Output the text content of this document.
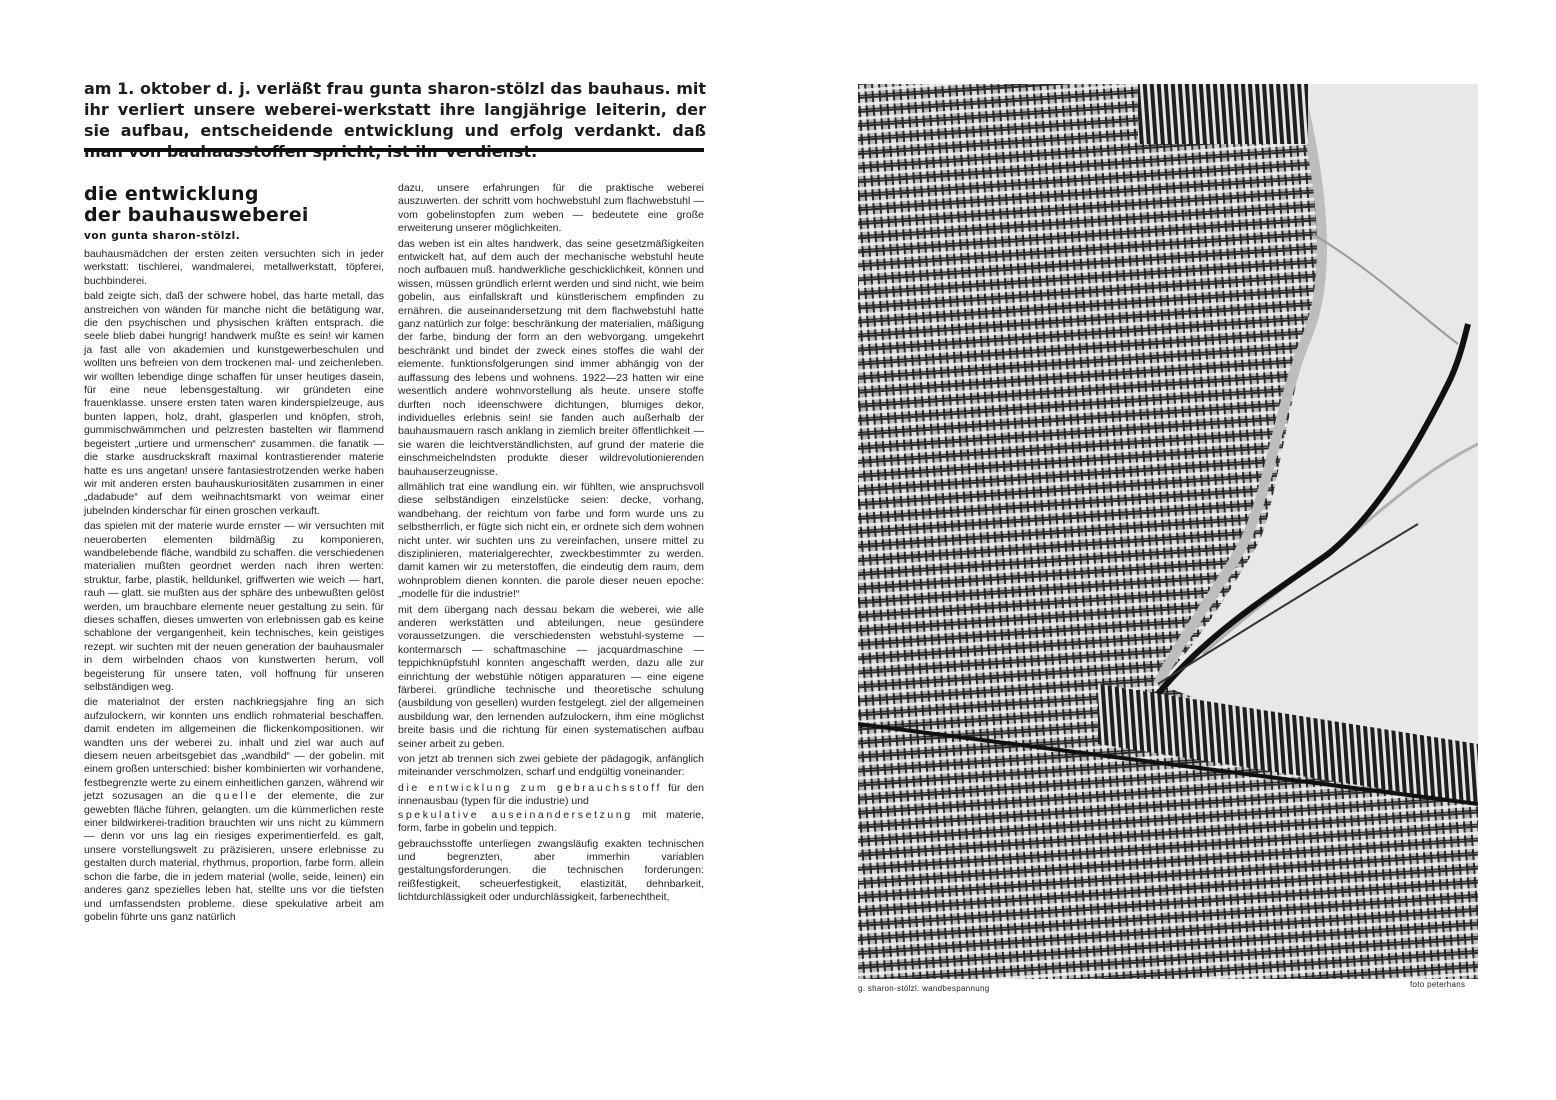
am 1. oktober d. j. verläßt frau gunta sharon-stölzl das bauhaus. mit ihr verliert unsere weberei-werkstatt ihre langjährige leiterin, der sie aufbau, entscheidende entwicklung und erfolg verdankt. daß
die entwicklung
der bauhausweberei
von gunta sharon-stölzl.

bauhausmädchen der ersten zeiten versuchten sich in jeder werkstatt: tischlerei, wandmalerei, metallwerkstatt, töpferei, buchbinderei.

bald zeigte sich, daß der schwere hobel, das harte metall, das anstreichen von wänden für manche nicht die betätigung war, die den psychischen und physischen kräften entsprach. die seele blieb dabei hungrig! handwerk mußte es sein! wir kamen ja fast alle von akademien und kunstgewerbeschulen und wollten uns befreien von dem trockenen mal- und zeichenleben. wir wollten lebendige dinge schaffen für unser heutiges dasein, für eine neue lebensgestaltung. wir gründeten eine frauenklasse. unsere ersten taten waren kinderspielzeuge, aus bunten lappen, holz, draht, glasperlen und knöpfen, stroh, gummischwämmchen und pelzresten bastelten wir flammend begeistert „urtiere und urmenschen“ zusammen. die fanatik — die starke ausdruckskraft maximal kontrastierender materie hatte es uns angetan! unsere fantasiestrotzenden werke haben wir mit anderen ersten bauhauskuriositäten zusammen in einer „dadabude“ auf dem weihnachtsmarkt von weimar einer jubelnden kinderschar für einen groschen verkauft.

das spielen mit der materie wurde ernster — wir versuchten mit neueroberten elementen bildmäßig zu komponieren, wandbelebende fläche, wandbild zu schaffen. die verschiedenen materialien mußten geordnet werden nach ihren werten: struktur, farbe, plastik, helldunkel, griffwerten wie weich — hart, rauh — glatt. sie mußten aus der sphäre des unbewußten gelöst werden, um brauchbare elemente neuer gestaltung zu sein. für dieses schaffen, dieses umwerten von erlebnissen gab es keine schablone der vergangenheit, kein technisches, kein geistiges rezept. wir suchten mit der neuen generation der bauhausmaler in dem wirbelnden chaos von kunstwerten herum, voll begeisterung für unsere taten, voll hoffnung für unseren selbständigen weg.

die materialnot der ersten nachkriegsjahre fing an sich aufzulockern, wir konnten uns endlich rohmaterial beschaffen. damit endeten im allgemeinen die flickenkompositionen. wir wandten uns der weberei zu. inhalt und ziel war auch auf diesem neuen arbeitsgebiet das „wandbild“ — der gobelin. mit einem großen unterschied: bisher kombinierten wir vorhandene, festbegrenzte werte zu einem einheitlichen ganzen, während wir jetzt sozusagen an die quelle der elemente, die zur gewebten fläche führen, gelangten. um die kümmerlichen reste einer bildwirkerei-tradition brauchten wir uns nicht zu kümmern — denn vor uns lag ein riesiges experimentierfeld. es galt, unsere vorstellungswelt zu präzisieren, unsere erlebnisse zu gestalten durch material, rhythmus, proportion, farbe form. allein schon die farbe, die in jedem material (wolle, seide, leinen) ein anderes ganz spezielles leben hat, stellte uns vor die tiefsten und umfassendsten probleme. diese spekulative arbeit am gobelin führte uns ganz natürlich

dazu, unsere erfahrungen für die praktische weberei auszuwerten. der schritt vom hochwebstuhl zum flachwebstuhl — vom gobelinstopfen zum weben — bedeutete eine große erweiterung unserer möglichkeiten.

das weben ist ein altes handwerk, das seine gesetzmäßigkeiten entwickelt hat, auf dem auch der mechanische webstuhl heute noch aufbauen muß. handwerkliche geschicklichkeit, können und wissen, müssen gründlich erlernt werden und sind nicht, wie beim gobelin, aus einfallskraft und künstlerischem empfinden zu ernähren. die auseinandersetzung mit dem flachwebstuhl hatte ganz natürlich zur folge: beschränkung der materialien, mäßigung der farbe, bindung der form an den webvorgang. umgekehrt beschränkt und bindet der zweck eines stoffes die wahl der elemente. funktionsfolgerungen sind immer abhängig von der auffassung des lebens und wohnens. 1922—23 hatten wir eine wesentlich andere wohnvorstellung als heute. unsere stoffe durften noch ideenschwere dichtungen, blumiges dekor, individuelles erlebnis sein! sie fanden auch außerhalb der bauhausmauern rasch anklang in ziemlich breiter öffentlichkeit — sie waren die leichtverständlichsten, auf grund der materie die einschmeichelndsten produkte dieser wildrevolutionierenden bauhauserzeugnisse.

allmählich trat eine wandlung ein. wir fühlten, wie anspruchsvoll diese selbständigen einzelstücke seien: decke, vorhang, wandbehang. der reichtum von farbe und form wurde uns zu selbstherrlich, er fügte sich nicht ein, er ordnete sich dem wohnen nicht unter. wir suchten uns zu vereinfachen, unsere mittel zu disziplinieren, materialgerechter, zweckbestimmter zu werden. damit kamen wir zu meterstoffen, die eindeutig dem raum, dem wohnproblem dienen konnten. die parole dieser neuen epoche: „modelle für die industrie!“

mit dem übergang nach dessau bekam die weberei, wie alle anderen werkstätten und abteilungen, neue gesündere voraussetzungen. die verschiedensten webstuhl-systeme — kontermarsch — schaftmaschine — jacquardmaschine — teppichknüpfstuhl konnten angeschafft werden, dazu alle zur einrichtung der webstühle nötigen apparaturen — eine eigene färberei. gründliche technische und theoretische schulung (ausbildung von gesellen) wurden festgelegt. ziel der allgemeinen ausbildung war, den lernenden aufzulockern, ihm eine möglichst breite basis und die richtung für einen systematischen aufbau seiner arbeit zu geben.

von jetzt ab trennen sich zwei gebiete der pädagogik, anfänglich miteinander verschmolzen, scharf und endgültig voneinander:

die entwicklung zum gebrauchsstoff für den innenausbau (typen für die industrie) und
spekulative auseinandersetzung mit materie, form, farbe in gobelin und teppich.

gebrauchsstoffe unterliegen zwangsläufig exakten technischen und begrenzten, aber immerhin variablen gestaltungsforderungen. die technischen forderungen: reißfestigkeit, scheuerfestigkeit, elastizität, dehnbarkeit, lichtdurchlässigkeit oder undurchlässigkeit, farbenechtheit,

g. sharon-stölzl. wandbespannung	foto peterhans
